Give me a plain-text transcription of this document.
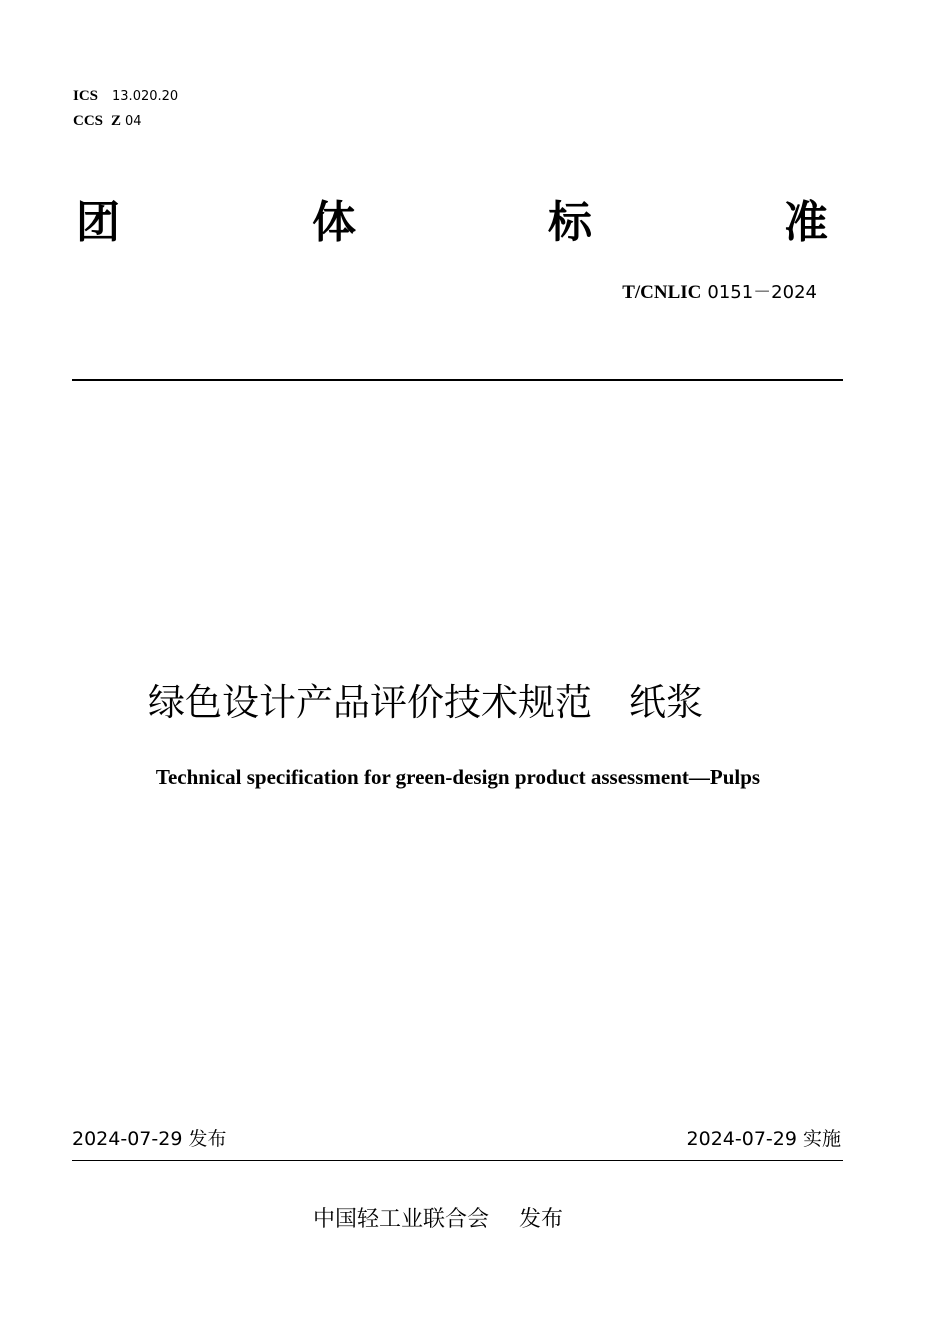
ICS 13.020.20
CCS Z 04
团	体	标	准
T/CNLIC 0151－2024

绿色设计产品评价技术规范　纸浆

Technical specification for green-design product assessment—Pulps
2024-07-29 发布	2024-07-29 实施
中国轻工业联合会 发布
